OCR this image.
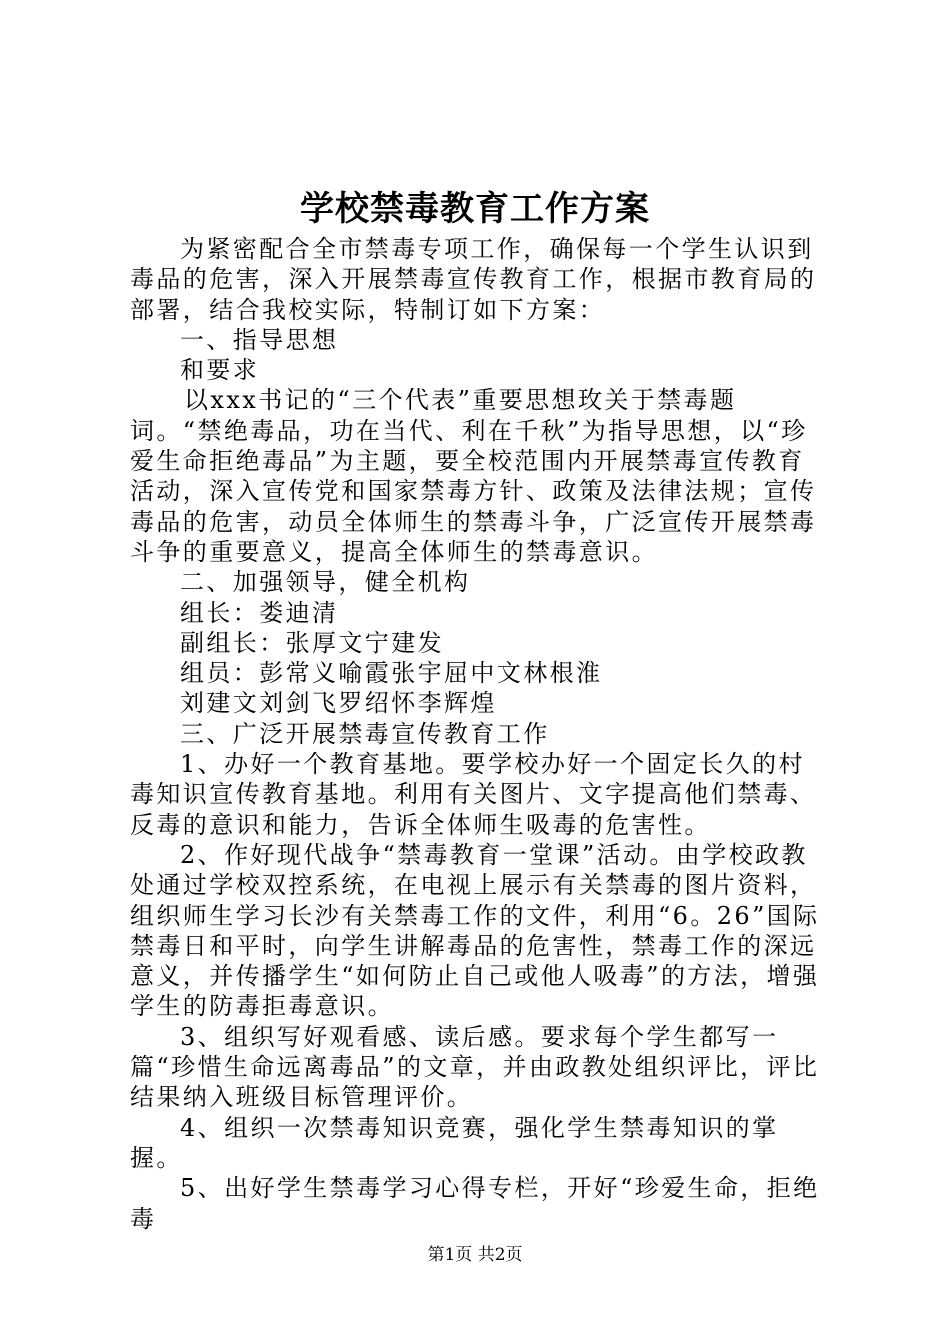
学校禁毒教育工作方案

为紧密配合全市禁毒专项工作，确保每一个学生认识到毒品的危害，深入开展禁毒宣传教育工作，根据市教育局的部署，结合我校实际，特制订如下方案：

一、指导思想

和要求

以xxx书记的“三个代表”重要思想玫关于禁毒题词。“禁绝毒品，功在当代、利在千秋”为指导思想，以“珍爱生命拒绝毒品”为主题，要全校范围内开展禁毒宣传教育活动，深入宣传党和国家禁毒方针、政策及法律法规；宣传毒品的危害，动员全体师生的禁毒斗争，广泛宣传开展禁毒斗争的重要意义，提高全体师生的禁毒意识。

二、加强领导，健全机构

组长：娄迪清

副组长：张厚文宁建发

组员：彭常义喻霞张宇屈中文林根淮

刘建文刘剑飞罗绍怀李辉煌

三、广泛开展禁毒宣传教育工作

1、办好一个教育基地。要学校办好一个固定长久的村毒知识宣传教育基地。利用有关图片、文字提高他们禁毒、反毒的意识和能力，告诉全体师生吸毒的危害性。

2、作好现代战争“禁毒教育一堂课”活动。由学校政教处通过学校双控系统，在电视上展示有关禁毒的图片资料，组织师生学习长沙有关禁毒工作的文件，利用“6。26”国际禁毒日和平时，向学生讲解毒品的危害性，禁毒工作的深远意义，并传播学生“如何防止自己或他人吸毒”的方法，增强学生的防毒拒毒意识。

3、组织写好观看感、读后感。要求每个学生都写一篇“珍惜生命远离毒品”的文章，并由政教处组织评比，评比结果纳入班级目标管理评价。

4、组织一次禁毒知识竞赛，强化学生禁毒知识的掌握。

5、出好学生禁毒学习心得专栏，开好“珍爱生命，拒绝毒

第1页 共2页
